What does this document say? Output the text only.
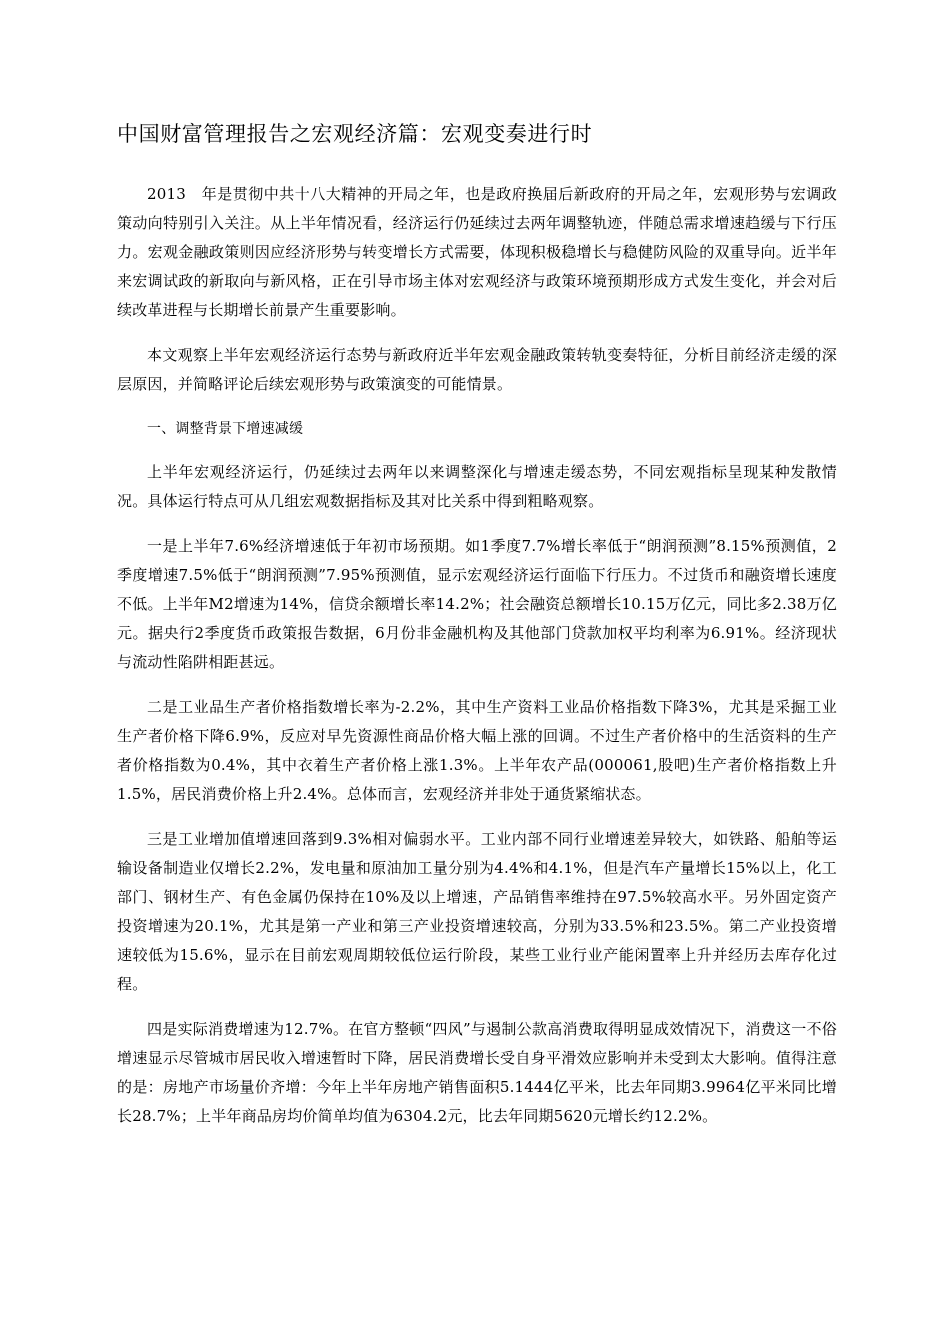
中国财富管理报告之宏观经济篇：宏观变奏进行时

2013　年是贯彻中共十八大精神的开局之年，也是政府换届后新政府的开局之年，宏观形势与宏调政策动向特别引入关注。从上半年情况看，经济运行仍延续过去两年调整轨迹，伴随总需求增速趋缓与下行压力。宏观金融政策则因应经济形势与转变增长方式需要，体现积极稳增长与稳健防风险的双重导向。近半年来宏调试政的新取向与新风格，正在引导市场主体对宏观经济与政策环境预期形成方式发生变化，并会对后续改革进程与长期增长前景产生重要影响。

本文观察上半年宏观经济运行态势与新政府近半年宏观金融政策转轨变奏特征，分析目前经济走缓的深层原因，并简略评论后续宏观形势与政策演变的可能情景。

一、调整背景下增速减缓

上半年宏观经济运行，仍延续过去两年以来调整深化与增速走缓态势，不同宏观指标呈现某种发散情况。具体运行特点可从几组宏观数据指标及其对比关系中得到粗略观察。

一是上半年7.6%经济增速低于年初市场预期。如1季度7.7%增长率低于“朗润预测”8.15%预测值，2季度增速7.5%低于“朗润预测”7.95%预测值，显示宏观经济运行面临下行压力。不过货币和融资增长速度不低。上半年M2增速为14%，信贷余额增长率14.2%；社会融资总额增长10.15万亿元，同比多2.38万亿元。据央行2季度货币政策报告数据，6月份非金融机构及其他部门贷款加权平均利率为6.91%。经济现状与流动性陷阱相距甚远。

二是工业品生产者价格指数增长率为-2.2%，其中生产资料工业品价格指数下降3%，尤其是采掘工业生产者价格下降6.9%，反应对早先资源性商品价格大幅上涨的回调。不过生产者价格中的生活资料的生产者价格指数为0.4%，其中衣着生产者价格上涨1.3%。上半年农产品(000061,股吧)生产者价格指数上升1.5%，居民消费价格上升2.4%。总体而言，宏观经济并非处于通货紧缩状态。

三是工业增加值增速回落到9.3%相对偏弱水平。工业内部不同行业增速差异较大，如铁路、船舶等运输设备制造业仅增长2.2%，发电量和原油加工量分别为4.4%和4.1%，但是汽车产量增长15%以上，化工部门、钢材生产、有色金属仍保持在10%及以上增速，产品销售率维持在97.5%较高水平。另外固定资产投资增速为20.1%，尤其是第一产业和第三产业投资增速较高，分别为33.5%和23.5%。第二产业投资增速较低为15.6%，显示在目前宏观周期较低位运行阶段，某些工业行业产能闲置率上升并经历去库存化过程。

四是实际消费增速为12.7%。在官方整顿“四风”与遏制公款高消费取得明显成效情况下，消费这一不俗增速显示尽管城市居民收入增速暂时下降，居民消费增长受自身平滑效应影响并未受到太大影响。值得注意的是：房地产市场量价齐增：今年上半年房地产销售面积5.1444亿平米，比去年同期3.9964亿平米同比增长28.7%；上半年商品房均价简单均值为6304.2元，比去年同期5620元增长约12.2%。
